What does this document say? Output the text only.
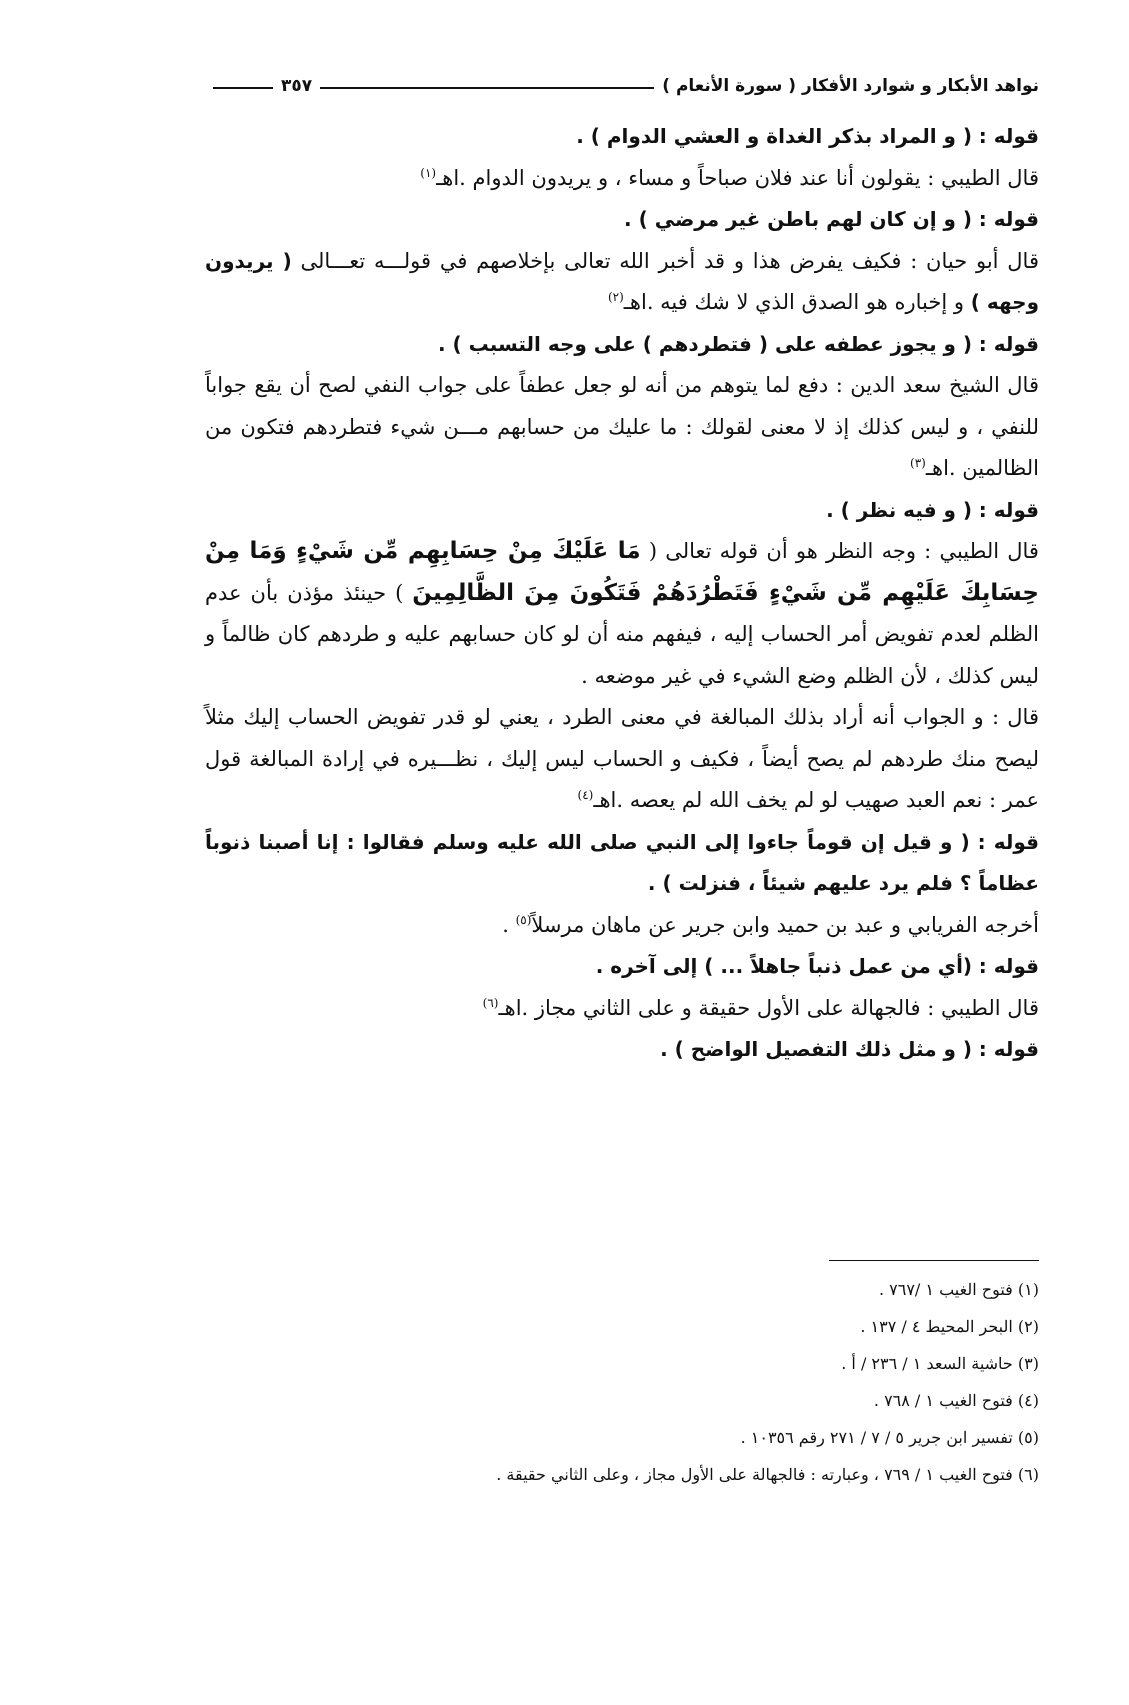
نواهد الأبكار و شوارد الأفكار ( سورة الأنعام )
٣٥٧

قوله : ( و المراد بذكر الغداة و العشي الدوام ) .

قال الطيبي : يقولون أنا عند فلان صباحاً و مساء ، و يريدون الدوام .اهـ$^{(١)}$

قوله : ( و إن كان لهم باطن غير مرضي ) .

قال أبو حيان : فكيف يفرض هذا و قد أخبر الله تعالى بإخلاصهم في قولـــه تعـــالى ( يريدون وجهه ) و إخباره هو الصدق الذي لا شك فيه .اهـ$^{(٢)}$

قوله : ( و يجوز عطفه على ( فتطردهم ) على وجه التسبب ) .

قال الشيخ سعد الدين : دفع لما يتوهم من أنه لو جعل عطفاً على جواب النفي لصح أن يقع جواباً للنفي ، و ليس كذلك إذ لا معنى لقولك : ما عليك من حسابهم مـــن شيء فتطردهم فتكون من الظالمين .اهـ$^{(٣)}$

قوله : ( و فيه نظر ) .

قال الطيبي : وجه النظر هو أن قوله تعالى ( مَا عَلَيْكَ مِنْ حِسَابِهِم مِّن شَيْءٍ وَمَا مِنْ حِسَابِكَ عَلَيْهِم مِّن شَيْءٍ فَتَطْرُدَهُمْ فَتَكُونَ مِنَ الظَّالِمِينَ ) حينئذ مؤذن بأن عدم الظلم لعدم تفويض أمر الحساب إليه ، فيفهم منه أن لو كان حسابهم عليه و طردهم كان ظالماً و ليس كذلك ، لأن الظلم وضع الشيء في غير موضعه .

قال : و الجواب أنه أراد بذلك المبالغة في معنى الطرد ، يعني لو قدر تفويض الحساب إليك مثلاً ليصح منك طردهم لم يصح أيضاً ، فكيف و الحساب ليس إليك ، نظـــيره في إرادة المبالغة قول عمر : نعم العبد صهيب لو لم يخف الله لم يعصه .اهـ$^{(٤)}$

قوله : ( و قيل إن قوماً جاءوا إلى النبي صلى الله عليه وسلم فقالوا : إنا أصبنا ذنوباً عظاماً ؟ فلم يرد عليهم شيئاً ، فنزلت ) .

أخرجه الفريابي و عبد بن حميد وابن جرير عن ماهان مرسلاً$^{(٥)}$ .

قوله : (أي من عمل ذنباً جاهلاً ... ) إلى آخره .

قال الطيبي : فالجهالة على الأول حقيقة و على الثاني مجاز .اهـ$^{(٦)}$

قوله : ( و مثل ذلك التفصيل الواضح ) .

(١) فتوح الغيب ١ /٧٦٧ .
(٢) البحر المحيط ٤ / ١٣٧ .
(٣) حاشية السعد ١ / ٢٣٦ / أ .
(٤) فتوح الغيب ١ / ٧٦٨ .
(٥) تفسير ابن جرير ٥ / ٧ / ٢٧١ رقم ١٠٣٥٦ .
(٦) فتوح الغيب ١ / ٧٦٩ ، وعبارته : فالجهالة على الأول مجاز ، وعلى الثاني حقيقة .
